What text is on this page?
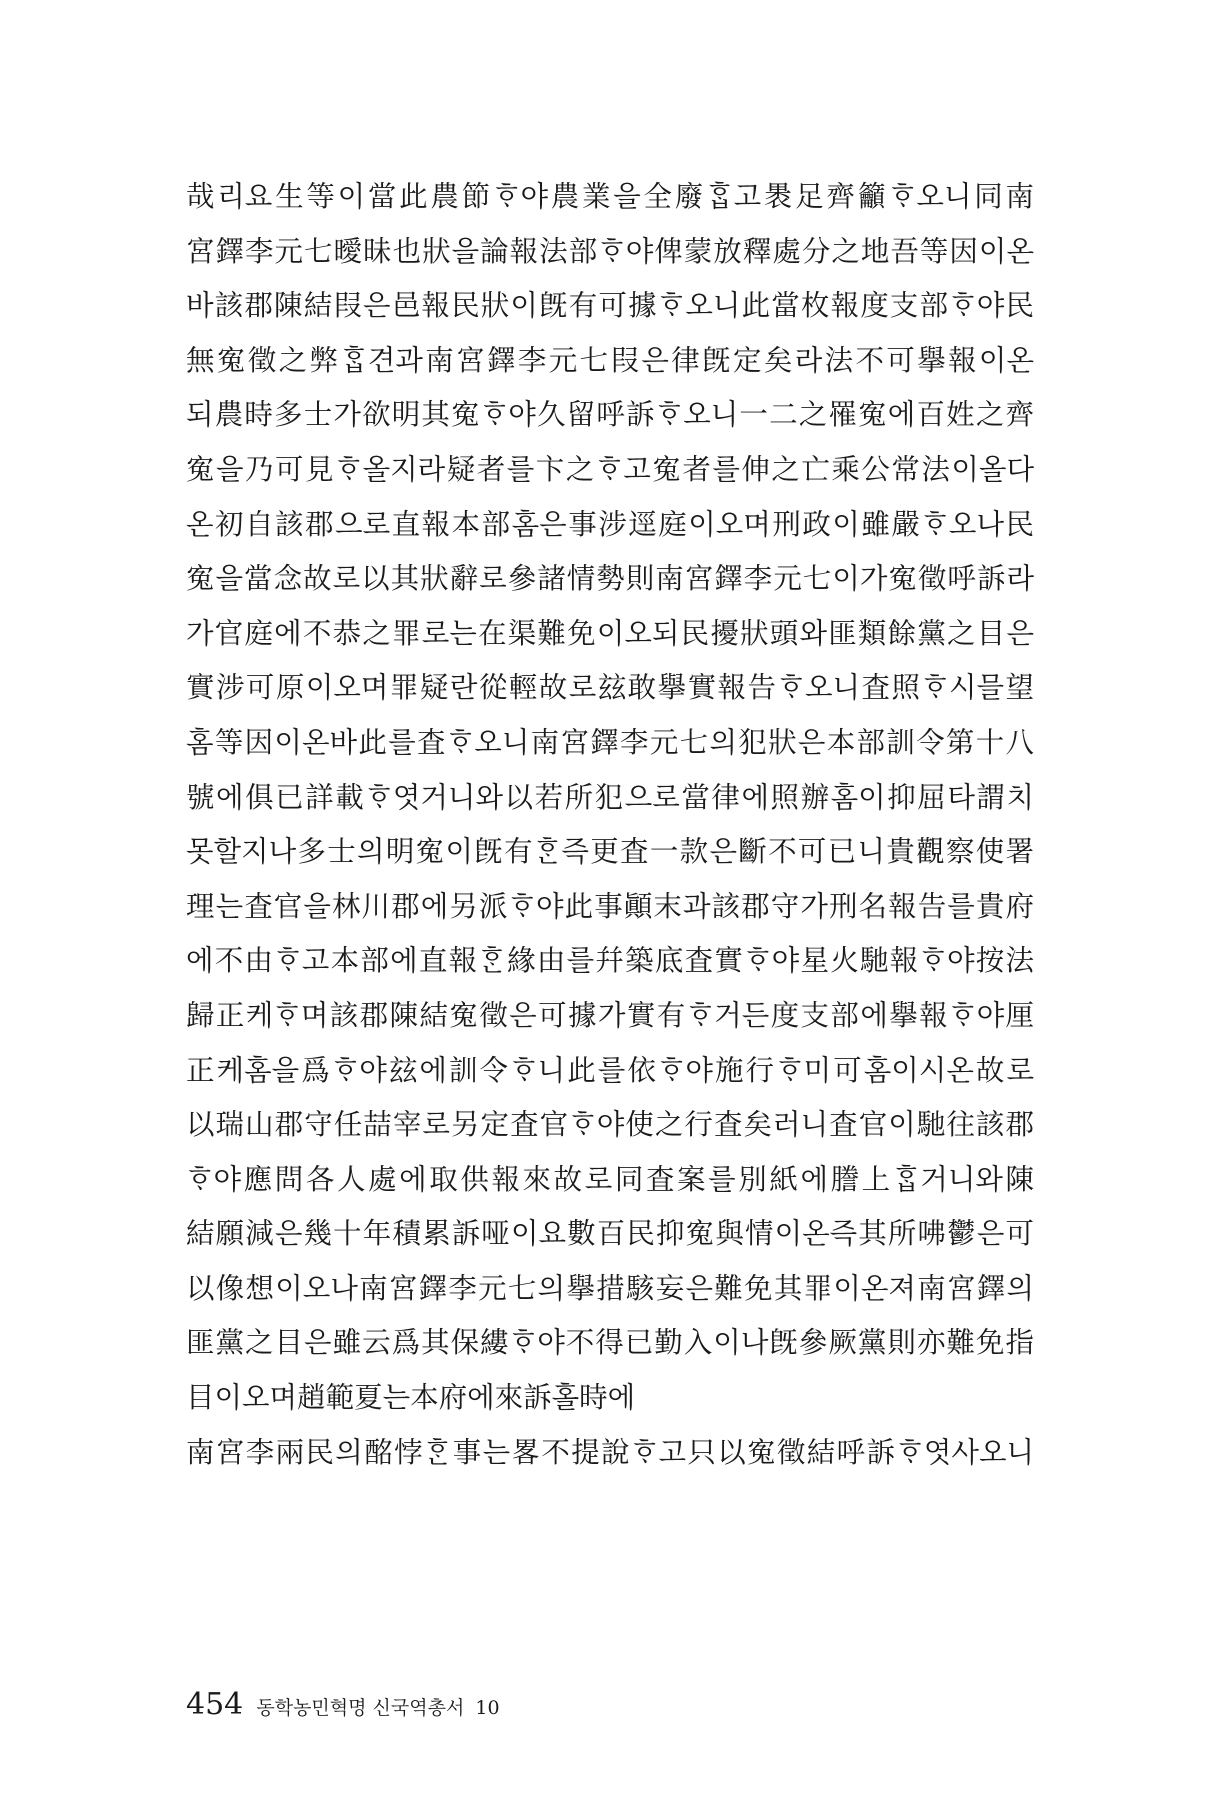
哉리요生等이當此農節ᄒᆞ야農業을全廢ᄒᆞᆸ고褁足齊籲ᄒᆞ오니同南
宮鐸李元七曖昧也狀을論報法部ᄒᆞ야俾蒙放釋處分之地吾等因이온
바該郡陳結叚은邑報民狀이旣有可據ᄒᆞ오니此當枚報度支部ᄒᆞ야民
無寃徵之弊ᄒᆞᆸ견과南宮鐸李元七叚은律旣定矣라法不可擧報이온
되農時多士가欲明其寃ᄒᆞ야久留呼訴ᄒᆞ오니一二之罹寃에百姓之齊
寃을乃可見ᄒᆞ올지라疑者를卞之ᄒᆞ고寃者를伸之亡乘公常法이올다
온初自該郡으로直報本部홈은事涉逕庭이오며刑政이雖嚴ᄒᆞ오나民
寃을當念故로以其狀辭로參諸情勢則南宮鐸李元七이가寃徵呼訴라
가官庭에不恭之罪로는在渠難免이오되民擾狀頭와匪類餘黨之目은
實涉可原이오며罪疑란從輕故로玆敢擧實報告ᄒᆞ오니査照ᄒᆞ시믈望
홈等因이온바此를査ᄒᆞ오니南宮鐸李元七의犯狀은本部訓令第十八
號에俱已詳載ᄒᆞ엿거니와以若所犯으로當律에照辦홈이抑屈타謂치
못할지나多士의明寃이旣有ᄒᆞᆫ즉更査一款은斷不可已니貴觀察使署
理는査官을林川郡에另派ᄒᆞ야此事顚末과該郡守가刑名報告를貴府
에不由ᄒᆞ고本部에直報ᄒᆞᆫ緣由를幷築底査實ᄒᆞ야星火馳報ᄒᆞ야按法
歸正케ᄒᆞ며該郡陳結寃徵은可據가實有ᄒᆞ거든度支部에擧報ᄒᆞ야厘
正케홈을爲ᄒᆞ야玆에訓令ᄒᆞ니此를依ᄒᆞ야施行ᄒᆞ미可홈이시온故로
以瑞山郡守任喆宰로另定査官ᄒᆞ야使之行査矣러니査官이馳往該郡
ᄒᆞ야應問各人處에取供報來故로同査案를別紙에謄上ᄒᆞᆸ거니와陳
結願減은幾十年積累訴哑이요數百民抑寃與情이온즉其所咈鬱은可
以像想이오나南宮鐸李元七의擧措駭妄은難免其罪이온져南宮鐸의
匪黨之目은雖云爲其保縷ᄒᆞ야不得已勤入이나旣參厥黨則亦難免指
目이오며趙範夏는本府에來訴홀時에
南宮李兩民의酩悖ᄒᆞᆫ事는畧不提說ᄒᆞ고只以寃徵結呼訴ᄒᆞ엿사오니
454 동학농민혁명 신국역총서 10
